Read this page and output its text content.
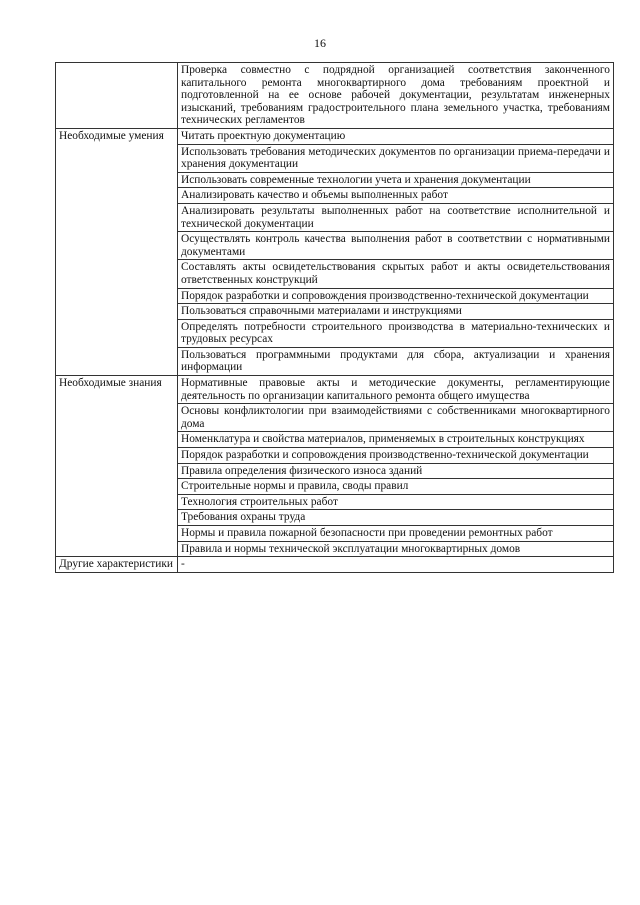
16
	Проверка совместно с подрядной организацией соответствия законченного капитального ремонта многоквартирного дома требованиям проектной и подготовленной на ее основе рабочей документации, результатам инженерных изысканий, требованиям градостроительного плана земельного участка, требованиям технических регламентов
Необходимые умения	Читать проектную документацию
	Использовать требования методических документов по организации приема-передачи и хранения документации
	Использовать современные технологии учета и хранения документации
	Анализировать качество и объемы выполненных работ
	Анализировать результаты выполненных работ на соответствие исполнительной и технической документации
	Осуществлять контроль качества выполнения работ в соответствии с нормативными документами
	Составлять акты освидетельствования скрытых работ и акты освидетельствования ответственных конструкций
	Порядок разработки и сопровождения производственно-технической документации
	Пользоваться справочными материалами и инструкциями
	Определять потребности строительного производства в материально-технических и трудовых ресурсах
	Пользоваться программными продуктами для сбора, актуализации и хранения информации
Необходимые знания	Нормативные правовые акты и методические документы, регламентирующие деятельность по организации капитального ремонта общего имущества
	Основы конфликтологии при взаимодействиями с собственниками многоквартирного дома
	Номенклатура и свойства материалов, применяемых в строительных конструкциях
	Порядок разработки и сопровождения производственно-технической документации
	Правила определения физического износа зданий
	Строительные нормы и правила, своды правил
	Технология строительных работ
	Требования охраны труда
	Нормы и правила пожарной безопасности при проведении ремонтных работ
	Правила и нормы технической эксплуатации многоквартирных домов
Другие характеристики	-
